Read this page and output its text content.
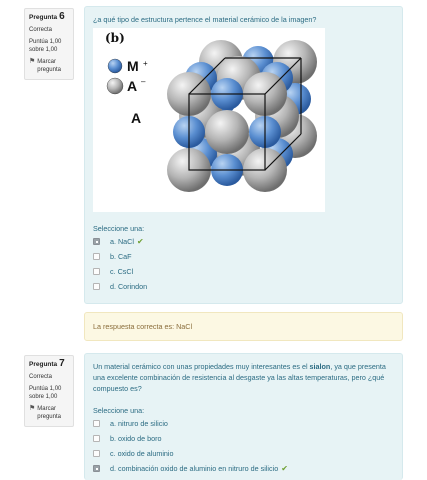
Pregunta 6
Correcta
Puntúa 1,00 sobre 1,00
⚑ Marcar pregunta
¿a qué tipo de estructura pertence el material cerámico de la imagen?
(b)
M +
A –
A
Seleccione una:
a. NaCl ✔
b. CaF
c. CsCl
d. Corindon
La respuesta correcta es: NaCl
Pregunta 7
Correcta
Puntúa 1,00 sobre 1,00
⚑ Marcar pregunta
Un material cerámico con unas propiedades muy interesantes es el sialon, ya que presenta una excelente combinación de resistencia al desgaste ya las altas temperaturas, pero ¿qué compuesto es?
Seleccione una:
a. nitruro de silicio
b. oxido de boro
c. oxido de aluminio
d. combinación oxido de aluminio en nitruro de silicio ✔
